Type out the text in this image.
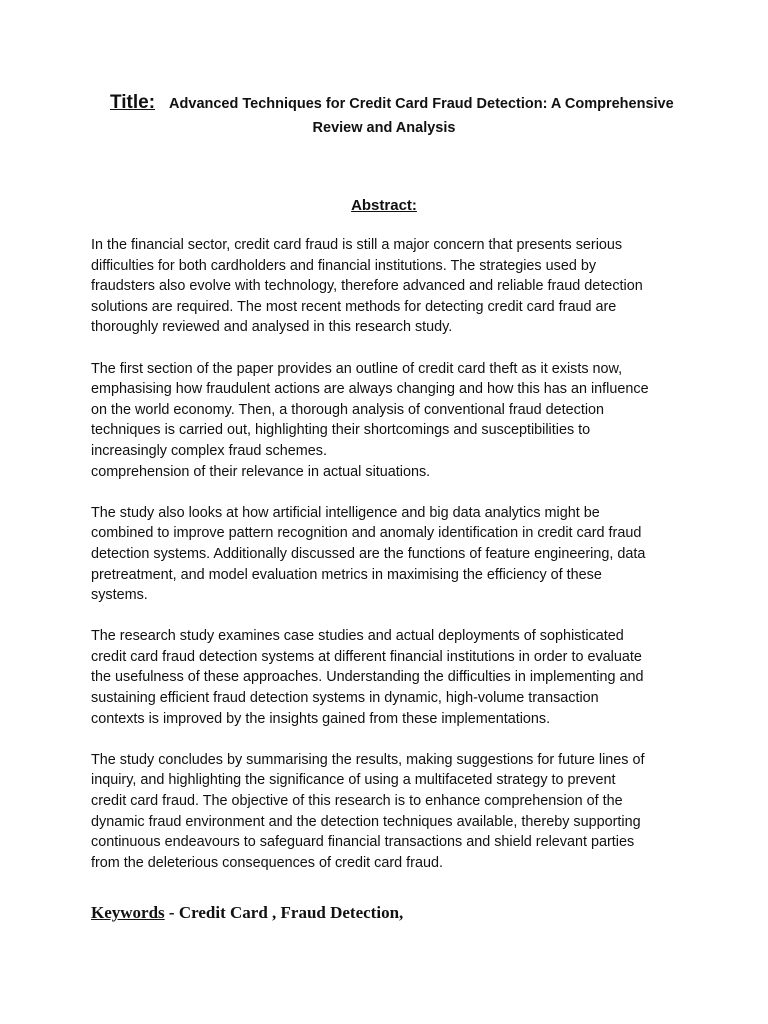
Title: Advanced Techniques for Credit Card Fraud Detection: A Comprehensive
Review and Analysis
Abstract:
In the financial sector, credit card fraud is still a major concern that presents serious
difficulties for both cardholders and financial institutions. The strategies used by
fraudsters also evolve with technology, therefore advanced and reliable fraud detection
solutions are required. The most recent methods for detecting credit card fraud are
thoroughly reviewed and analysed in this research study.
The first section of the paper provides an outline of credit card theft as it exists now,
emphasising how fraudulent actions are always changing and how this has an influence
on the world economy. Then, a thorough analysis of conventional fraud detection
techniques is carried out, highlighting their shortcomings and susceptibilities to
increasingly complex fraud schemes.
comprehension of their relevance in actual situations.
The study also looks at how artificial intelligence and big data analytics might be
combined to improve pattern recognition and anomaly identification in credit card fraud
detection systems. Additionally discussed are the functions of feature engineering, data
pretreatment, and model evaluation metrics in maximising the efficiency of these
systems.
The research study examines case studies and actual deployments of sophisticated
credit card fraud detection systems at different financial institutions in order to evaluate
the usefulness of these approaches. Understanding the difficulties in implementing and
sustaining efficient fraud detection systems in dynamic, high-volume transaction
contexts is improved by the insights gained from these implementations.
The study concludes by summarising the results, making suggestions for future lines of
inquiry, and highlighting the significance of using a multifaceted strategy to prevent
credit card fraud. The objective of this research is to enhance comprehension of the
dynamic fraud environment and the detection techniques available, thereby supporting
continuous endeavours to safeguard financial transactions and shield relevant parties
from the deleterious consequences of credit card fraud.
Keywords - Credit Card , Fraud Detection,
